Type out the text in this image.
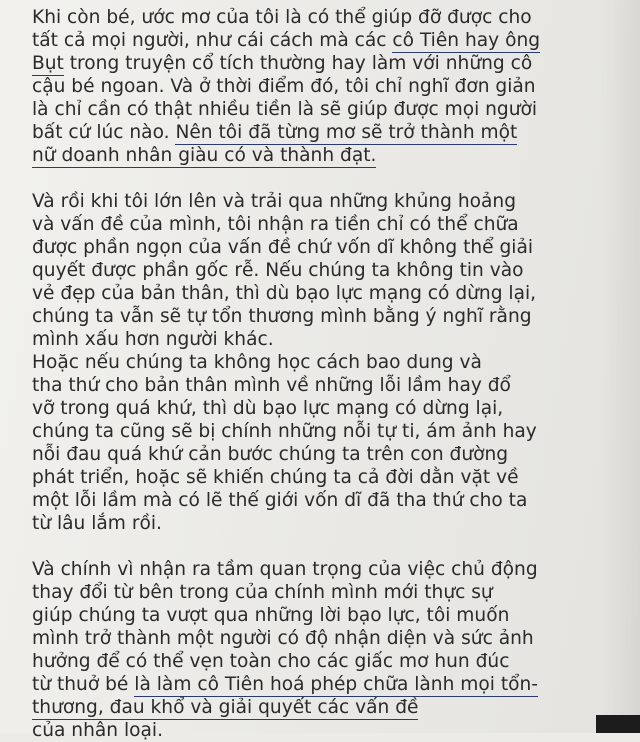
Khi còn bé, ước mơ của tôi là có thể giúp đỡ được cho
tất cả mọi người, như cái cách mà các cô Tiên hay ông
Bụt trong truyện cổ tích thường hay làm với những cô
cậu bé ngoan. Và ở thời điểm đó, tôi chỉ nghĩ đơn giản
là chỉ cần có thật nhiều tiền là sẽ giúp được mọi người
bất cứ lúc nào. Nên tôi đã từng mơ sẽ trở thành một
nữ doanh nhân giàu có và thành đạt.
Và rồi khi tôi lớn lên và trải qua những khủng hoảng
và vấn đề của mình, tôi nhận ra tiền chỉ có thể chữa
được phần ngọn của vấn đề chứ vốn dĩ không thể giải
quyết được phần gốc rễ. Nếu chúng ta không tin vào
vẻ đẹp của bản thân, thì dù bạo lực mạng có dừng lại,
chúng ta vẫn sẽ tự tổn thương mình bằng ý nghĩ rằng
mình xấu hơn người khác.
Hoặc nếu chúng ta không học cách bao dung và
tha thứ cho bản thân mình về những lỗi lầm hay đổ
vỡ trong quá khứ, thì dù bạo lực mạng có dừng lại,
chúng ta cũng sẽ bị chính những nỗi tự ti, ám ảnh hay
nỗi đau quá khứ cản bước chúng ta trên con đường
phát triển, hoặc sẽ khiến chúng ta cả đời dằn vặt về
một lỗi lầm mà có lẽ thế giới vốn dĩ đã tha thứ cho ta
từ lâu lắm rồi.
Và chính vì nhận ra tầm quan trọng của việc chủ động
thay đổi từ bên trong của chính mình mới thực sự
giúp chúng ta vượt qua những lời bạo lực, tôi muốn
mình trở thành một người có độ nhận diện và sức ảnh
hưởng để có thể vẹn toàn cho các giấc mơ hun đúc
từ thuở bé là làm cô Tiên hoá phép chữa lành mọi tổn-
thương, đau khổ và giải quyết các vấn đề
của nhân loại.
